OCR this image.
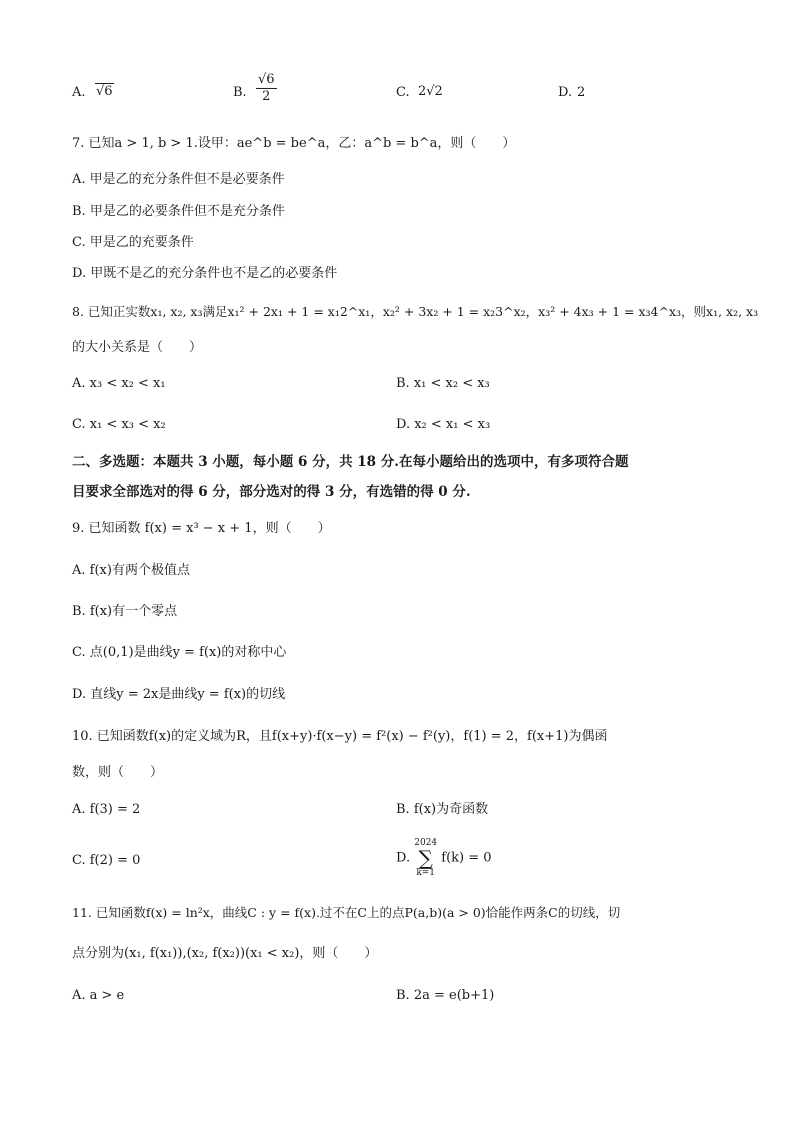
A. √6	B. $\frac{√6}{2}$	C. 2√2	D. 2
7. 已知a > 1, b > 1.设甲：ae^b = be^a，乙：a^b = b^a，则（　　）
A. 甲是乙的充分条件但不是必要条件
B. 甲是乙的必要条件但不是充分条件
C. 甲是乙的充要条件
D. 甲既不是乙的充分条件也不是乙的必要条件
8. 已知正实数x₁, x₂, x₃满足x₁² + 2x₁ + 1 = x₁2^x₁，x₂² + 3x₂ + 1 = x₂3^x₂，x₃² + 4x₃ + 1 = x₃4^x₃，则x₁, x₂, x₃
的大小关系是（　　）
A. x₃ < x₂ < x₁	B. x₁ < x₂ < x₃
C. x₁ < x₃ < x₂	D. x₂ < x₁ < x₃
二、多选题：本题共 3 小题，每小题 6 分，共 18 分.在每小题给出的选项中，有多项符合题
目要求全部选对的得 6 分，部分选对的得 3 分，有选错的得 0 分.
9. 已知函数 f(x) = x³ − x + 1，则（　　）
A. f(x)有两个极值点
B. f(x)有一个零点
C. 点(0,1)是曲线y = f(x)的对称中心
D. 直线y = 2x是曲线y = f(x)的切线
10. 已知函数f(x)的定义域为R，且f(x+y)·f(x−y) = f²(x) − f²(y)，f(1) = 2，f(x+1)为偶函
数，则（　　）
A. f(3) = 2	B. f(x)为奇函数
C. f(2) = 0	D.
2024
∑
k=1
f(k) = 0
11. 已知函数f(x) = ln²x，曲线C : y = f(x).过不在C上的点P(a,b)(a > 0)恰能作两条C的切线，切
点分别为(x₁, f(x₁)),(x₂, f(x₂))(x₁ < x₂)，则（　　）
A. a > e	B. 2a = e(b+1)
